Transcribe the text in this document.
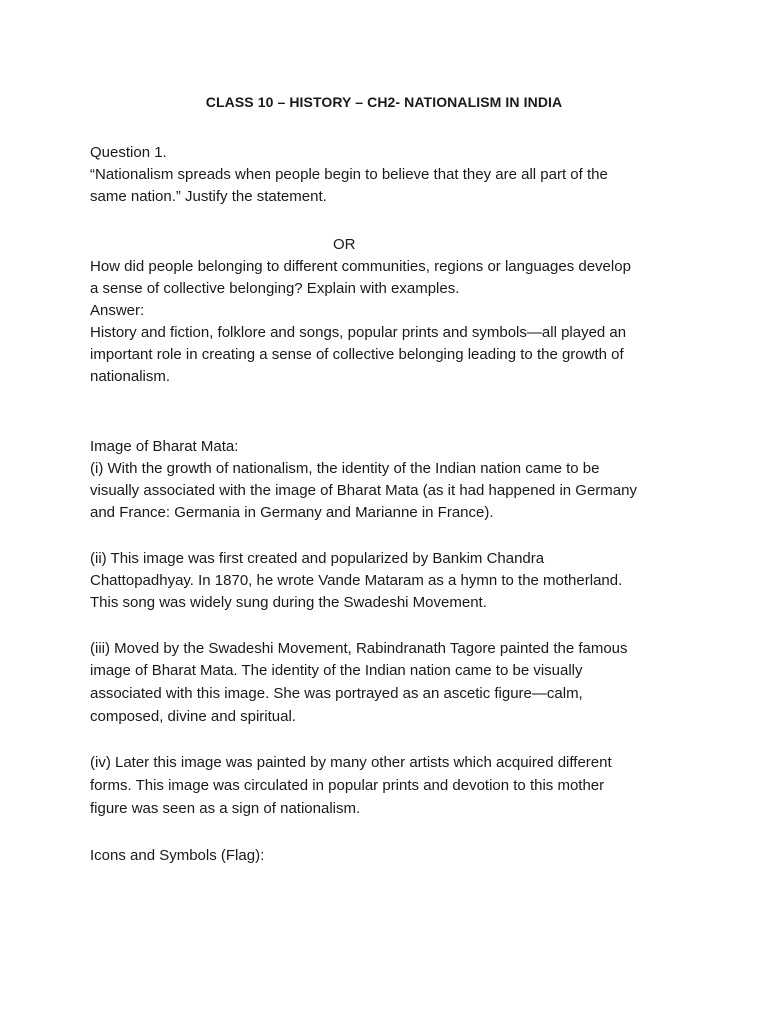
CLASS 10 – HISTORY – CH2- NATIONALISM IN INDIA
Question 1.
“Nationalism spreads when people begin to believe that they are all part of the
same nation.” Justify the statement.
OR
How did people belonging to different communities, regions or languages develop
a sense of collective belonging? Explain with examples.
Answer:
History and fiction, folklore and songs, popular prints and symbols—all played an
important role in creating a sense of collective belonging leading to the growth of
nationalism.
Image of Bharat Mata:
(i) With the growth of nationalism, the identity of the Indian nation came to be
visually associated with the image of Bharat Mata (as it had happened in Germany
and France: Germania in Germany and Marianne in France).
(ii) This image was first created and popularized by Bankim Chandra
Chattopadhyay. In 1870, he wrote Vande Mataram as a hymn to the motherland.
This song was widely sung during the Swadeshi Movement.
(iii) Moved by the Swadeshi Movement, Rabindranath Tagore painted the famous
image of Bharat Mata. The identity of the Indian nation came to be visually
associated with this image. She was portrayed as an ascetic figure—calm,
composed, divine and spiritual.
(iv) Later this image was painted by many other artists which acquired different
forms. This image was circulated in popular prints and devotion to this mother
figure was seen as a sign of nationalism.
Icons and Symbols (Flag):
